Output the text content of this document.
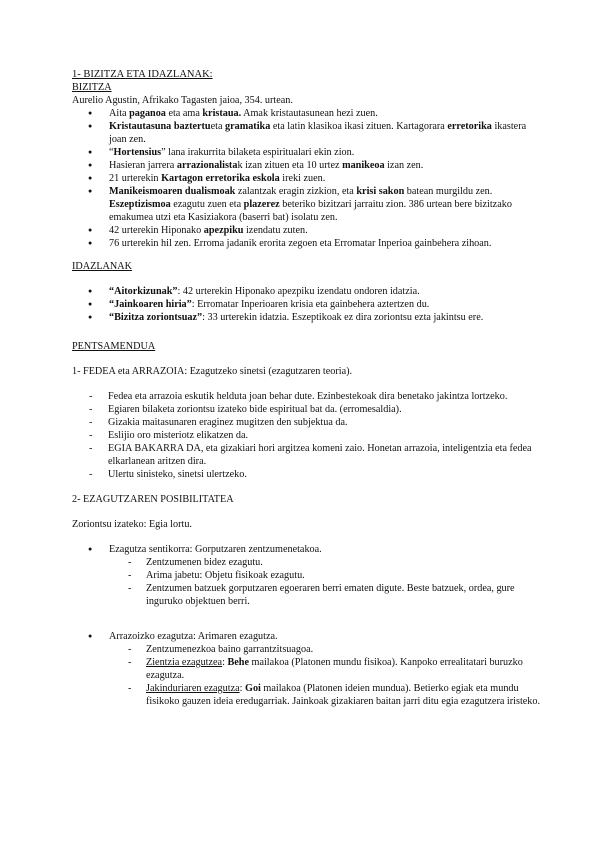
1- BIZITZA ETA IDAZLANAK:
BIZITZA
Aurelio Agustin, Afrikako Tagasten jaioa, 354. urtean.
● Aita paganoa eta ama kristaua. Amak kristautasunean hezi zuen.
● Kristautasuna baztertueta gramatika eta latin klasikoa ikasi zituen. Kartagorara erretorika ikastera joan zen.
● “Hortensius” lana irakurrita bilaketa espiritualari ekin zion.
● Hasieran jarrera arrazionalistak izan zituen eta 10 urtez manikeoa izan zen.
● 21 urterekin Kartagon erretorika eskola ireki zuen.
● Manikeismoaren dualismoak zalantzak eragin zizkion, eta krisi sakon batean murgildu zen. Eszeptizismoa ezagutu zuen eta plazerez beteriko bizitzari jarraitu zion. 386 urtean bere bizitzako emakumea utzi eta Kasiziakora (baserri bat) isolatu zen.
● 42 urterekin Hiponako apezpiku izendatu zuten.
● 76 urterekin hil zen. Erroma jadanik erorita zegoen eta Erromatar Inperioa gainbehera zihoan.
IDAZLANAK
● “Aitorkizunak”: 42 urterekin Hiponako apezpiku izendatu ondoren idatzia.
● “Jainkoaren hiria”: Erromatar Inperioaren krisia eta gainbehera aztertzen du.
● “Bizitza zoriontsuaz”: 33 urterekin idatzia. Eszeptikoak ez dira zoriontsu ezta jakintsu ere.
PENTSAMENDUA
1- FEDEA eta ARRAZOIA: Ezagutzeko sinetsi (ezagutzaren teoria).
- Fedea eta arrazoia eskutik helduta joan behar dute. Ezinbestekoak dira benetako jakintza lortzeko.
- Egiaren bilaketa zoriontsu izateko bide espiritual bat da. (erromesaldia).
- Gizakia maitasunaren eraginez mugitzen den subjektua da.
- Eslijio oro misteriotz elikatzen da.
- EGIA BAKARRA DA, eta gizakiari hori argitzea komeni zaio. Honetan arrazoia, inteligentzia eta fedea elkarlanean aritzen dira.
- Ulertu sinisteko, sinetsi ulertzeko.
2- EZAGUTZAREN POSIBILITATEA
Zoriontsu izateko: Egia lortu.
● Ezagutza sentikorra: Gorputzaren zentzumenetakoa.
- Zentzumenen bidez ezagutu.
- Arima jabetu: Objetu fisikoak ezagutu.
- Zentzumen batzuek gorputzaren egoeraren berri ematen digute. Beste batzuek, ordea, gure inguruko objektuen berri.
● Arrazoizko ezagutza: Arimaren ezagutza.
- Zentzumenezkoa baino garrantzitsuagoa.
- Zientzia ezagutzea: Behe mailakoa (Platonen mundu fisikoa). Kanpoko errealitatari buruzko ezagutza.
- Jakinduriaren ezagutza: Goi mailakoa (Platonen ideien mundua). Betierko egiak eta mundu fisikoko gauzen ideia eredugarriak. Jainkoak gizakiaren baitan jarri ditu egia ezagutzera iristeko.
